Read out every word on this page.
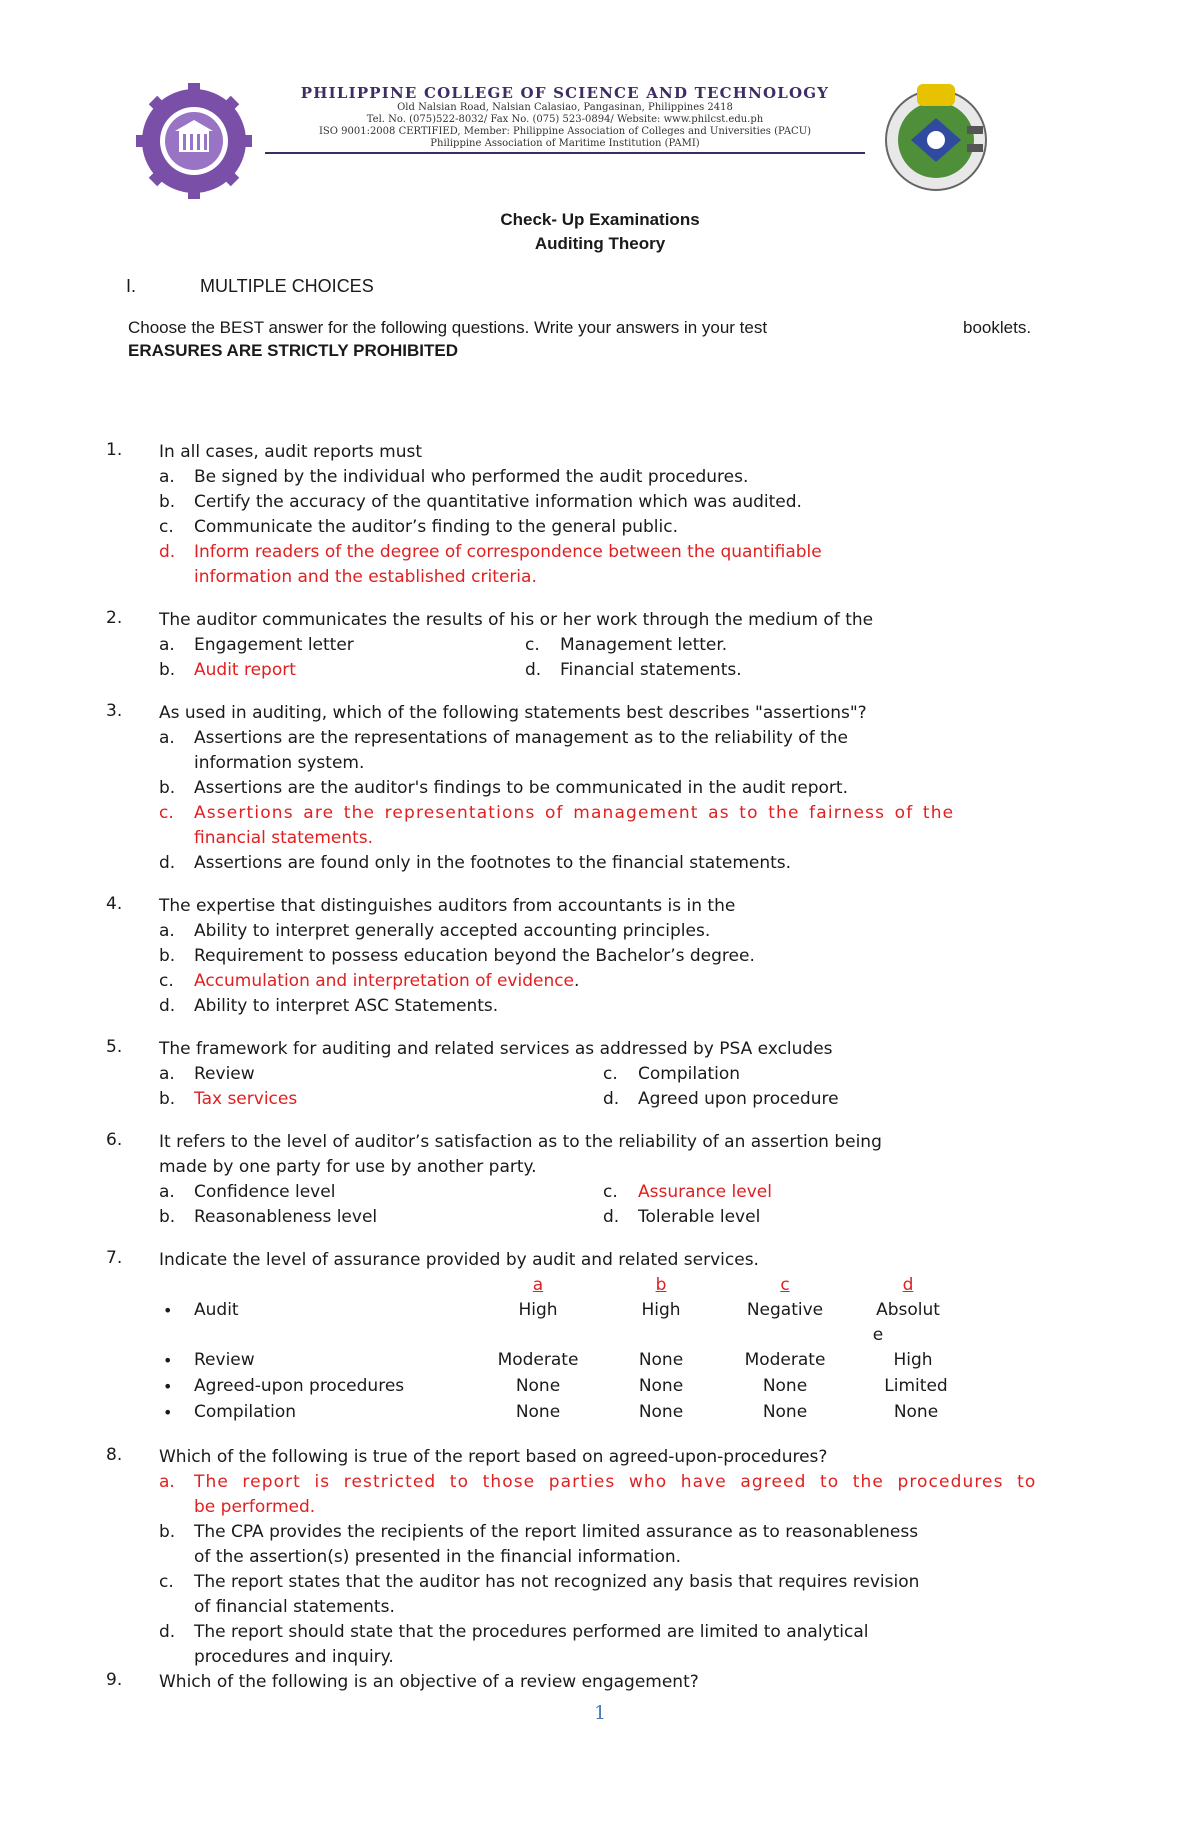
PHILIPPINE COLLEGE OF SCIENCE AND TECHNOLOGY
Old Nalsian Road, Nalsian Calasiao, Pangasinan, Philippines 2418
Tel. No. (075)522-8032/ Fax No. (075) 523-0894/ Website: www.philcst.edu.ph
ISO 9001:2008 CERTIFIED, Member: Philippine Association of Colleges and Universities (PACU)
Philippine Association of Maritime Institution (PAMI)
Check- Up Examinations
Auditing Theory
I.	MULTIPLE CHOICES
Choose the BEST answer for the following questions. Write your answers in your test	booklets.
ERASURES ARE STRICTLY PROHIBITED
1. In all cases, audit reports must
a. Be signed by the individual who performed the audit procedures.
b. Certify the accuracy of the quantitative information which was audited.
c. Communicate the auditor’s finding to the general public.
d. Inform readers of the degree of correspondence between the quantifiable
information and the established criteria.
2. The auditor communicates the results of his or her work through the medium of the
a. Engagement letter	c. Management letter.
b. Audit report	d. Financial statements.
3. As used in auditing, which of the following statements best describes "assertions"?
a. Assertions are the representations of management as to the reliability of the
information system.
b. Assertions are the auditor's findings to be communicated in the audit report.
c. Assertions are the representations of management as to the fairness of the
financial statements.
d. Assertions are found only in the footnotes to the financial statements.
4. The expertise that distinguishes auditors from accountants is in the
a. Ability to interpret generally accepted accounting principles.
b. Requirement to possess education beyond the Bachelor’s degree.
c. Accumulation and interpretation of evidence.
d. Ability to interpret ASC Statements.
5. The framework for auditing and related services as addressed by PSA excludes
a. Review	c. Compilation
b. Tax services	d. Agreed upon procedure
6. It refers to the level of auditor’s satisfaction as to the reliability of an assertion being
made by one party for use by another party.
a. Confidence level	c. Assurance level
b. Reasonableness level	d. Tolerable level
7. Indicate the level of assurance provided by audit and related services.
a	b	c	d
• Audit	High	High	Negative	Absolut
e
• Review	Moderate	None	Moderate	High
• Agreed-upon procedures	None	None	None	Limited
• Compilation	None	None	None	None
8. Which of the following is true of the report based on agreed-upon-procedures?
a. The report is restricted to those parties who have agreed to the procedures to
be performed.
b. The CPA provides the recipients of the report limited assurance as to reasonableness
of the assertion(s) presented in the financial information.
c. The report states that the auditor has not recognized any basis that requires revision
of financial statements.
d. The report should state that the procedures performed are limited to analytical
procedures and inquiry.
9. Which of the following is an objective of a review engagement?
1
